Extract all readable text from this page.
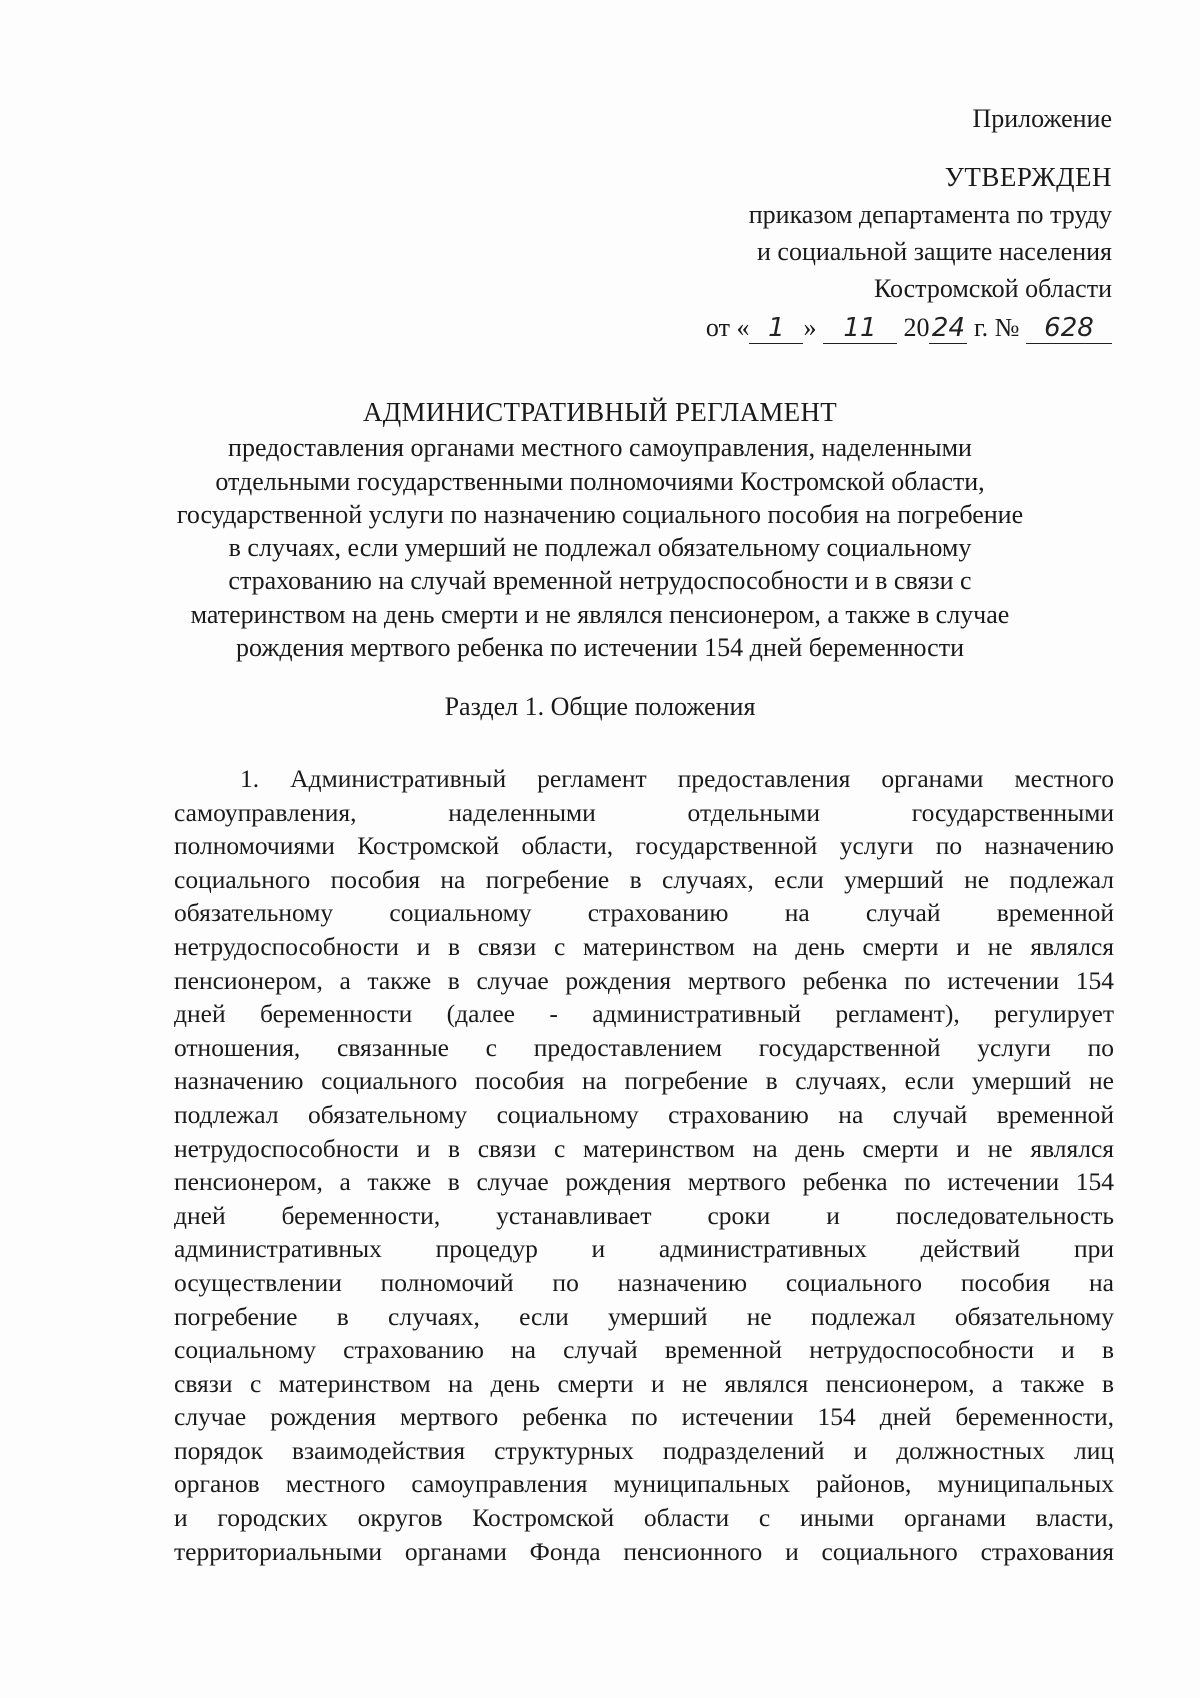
Приложение
УТВЕРЖДЕН
приказом департамента по труду
и социальной защите населения
Костромской области
от « 1 » 11 2024 г. № 628
АДМИНИСТРАТИВНЫЙ РЕГЛАМЕНТ
предоставления органами местного самоуправления, наделенными
отдельными государственными полномочиями Костромской области,
государственной услуги по назначению социального пособия на погребение
в случаях, если умерший не подлежал обязательному социальному
страхованию на случай временной нетрудоспособности и в связи с
материнством на день смерти и не являлся пенсионером, а также в случае
рождения мертвого ребенка по истечении 154 дней беременности
Раздел 1. Общие положения
1. Административный регламент предоставления органами местного
самоуправления, наделенными отдельными государственными
полномочиями Костромской области, государственной услуги по назначению
социального пособия на погребение в случаях, если умерший не подлежал
обязательному социальному страхованию на случай временной
нетрудоспособности и в связи с материнством на день смерти и не являлся
пенсионером, а также в случае рождения мертвого ребенка по истечении 154
дней беременности (далее - административный регламент), регулирует
отношения, связанные с предоставлением государственной услуги по
назначению социального пособия на погребение в случаях, если умерший не
подлежал обязательному социальному страхованию на случай временной
нетрудоспособности и в связи с материнством на день смерти и не являлся
пенсионером, а также в случае рождения мертвого ребенка по истечении 154
дней беременности, устанавливает сроки и последовательность
административных процедур и административных действий при
осуществлении полномочий по назначению социального пособия на
погребение в случаях, если умерший не подлежал обязательному
социальному страхованию на случай временной нетрудоспособности и в
связи с материнством на день смерти и не являлся пенсионером, а также в
случае рождения мертвого ребенка по истечении 154 дней беременности,
порядок взаимодействия структурных подразделений и должностных лиц
органов местного самоуправления муниципальных районов, муниципальных
и городских округов Костромской области с иными органами власти,
территориальными органами Фонда пенсионного и социального страхования
